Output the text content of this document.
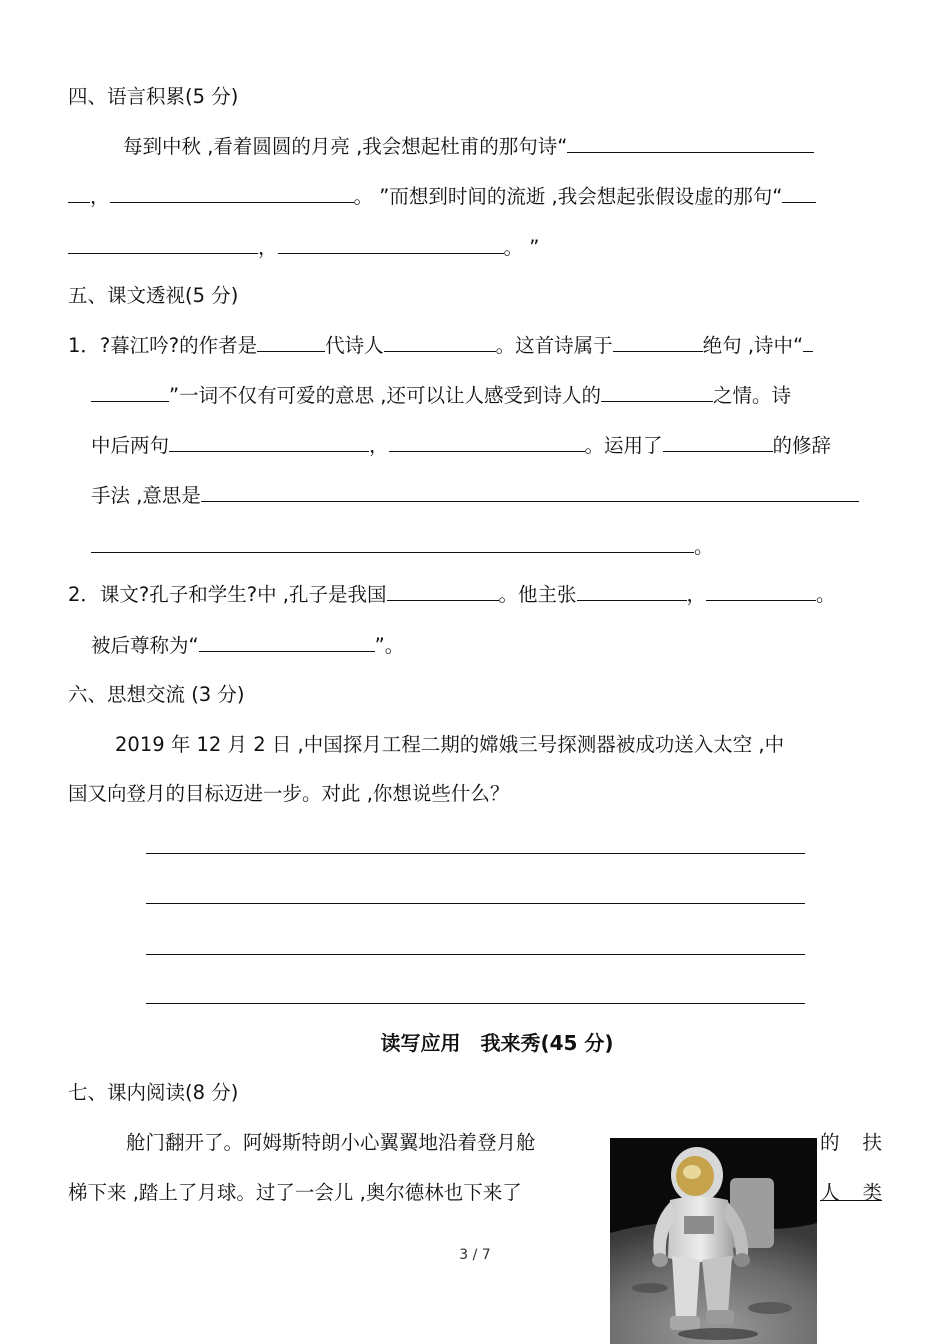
四、语言积累(5 分)
每到中秋 ,看着圆圆的月亮 ,我会想起杜甫的那句诗“
，	。 ”而想到时间的流逝 ,我会想起张假设虚的那句“
，	。 ”
五、课文透视(5 分)
1．?暮江吟?的作者是	代诗人	。这首诗属于	绝句 ,诗中“
”一词不仅有可爱的意思 ,还可以让人感受到诗人的	之情。诗
中后两句	，	。运用了	的修辞
手法 ,意思是
。
2．课文?孔子和学生?中 ,孔子是我国	。他主张	，	。
被后尊称为“	”。
六、思想交流 (3 分)
2019 年 12 月 2 日 ,中国探月工程二期的嫦娥三号探测器被成功送入太空 ,中
国又向登月的目标迈进一步。对此 ,你想说些什么？
读写应用　我来秀(45 分)
七、课内阅读(8 分)
舱门翻开了。阿姆斯特朗小心翼翼地沿着登月舱	的　扶
梯下来 ,踏上了月球。过了一会儿 ,奥尔德林也下来了	人　类
3 / 7
